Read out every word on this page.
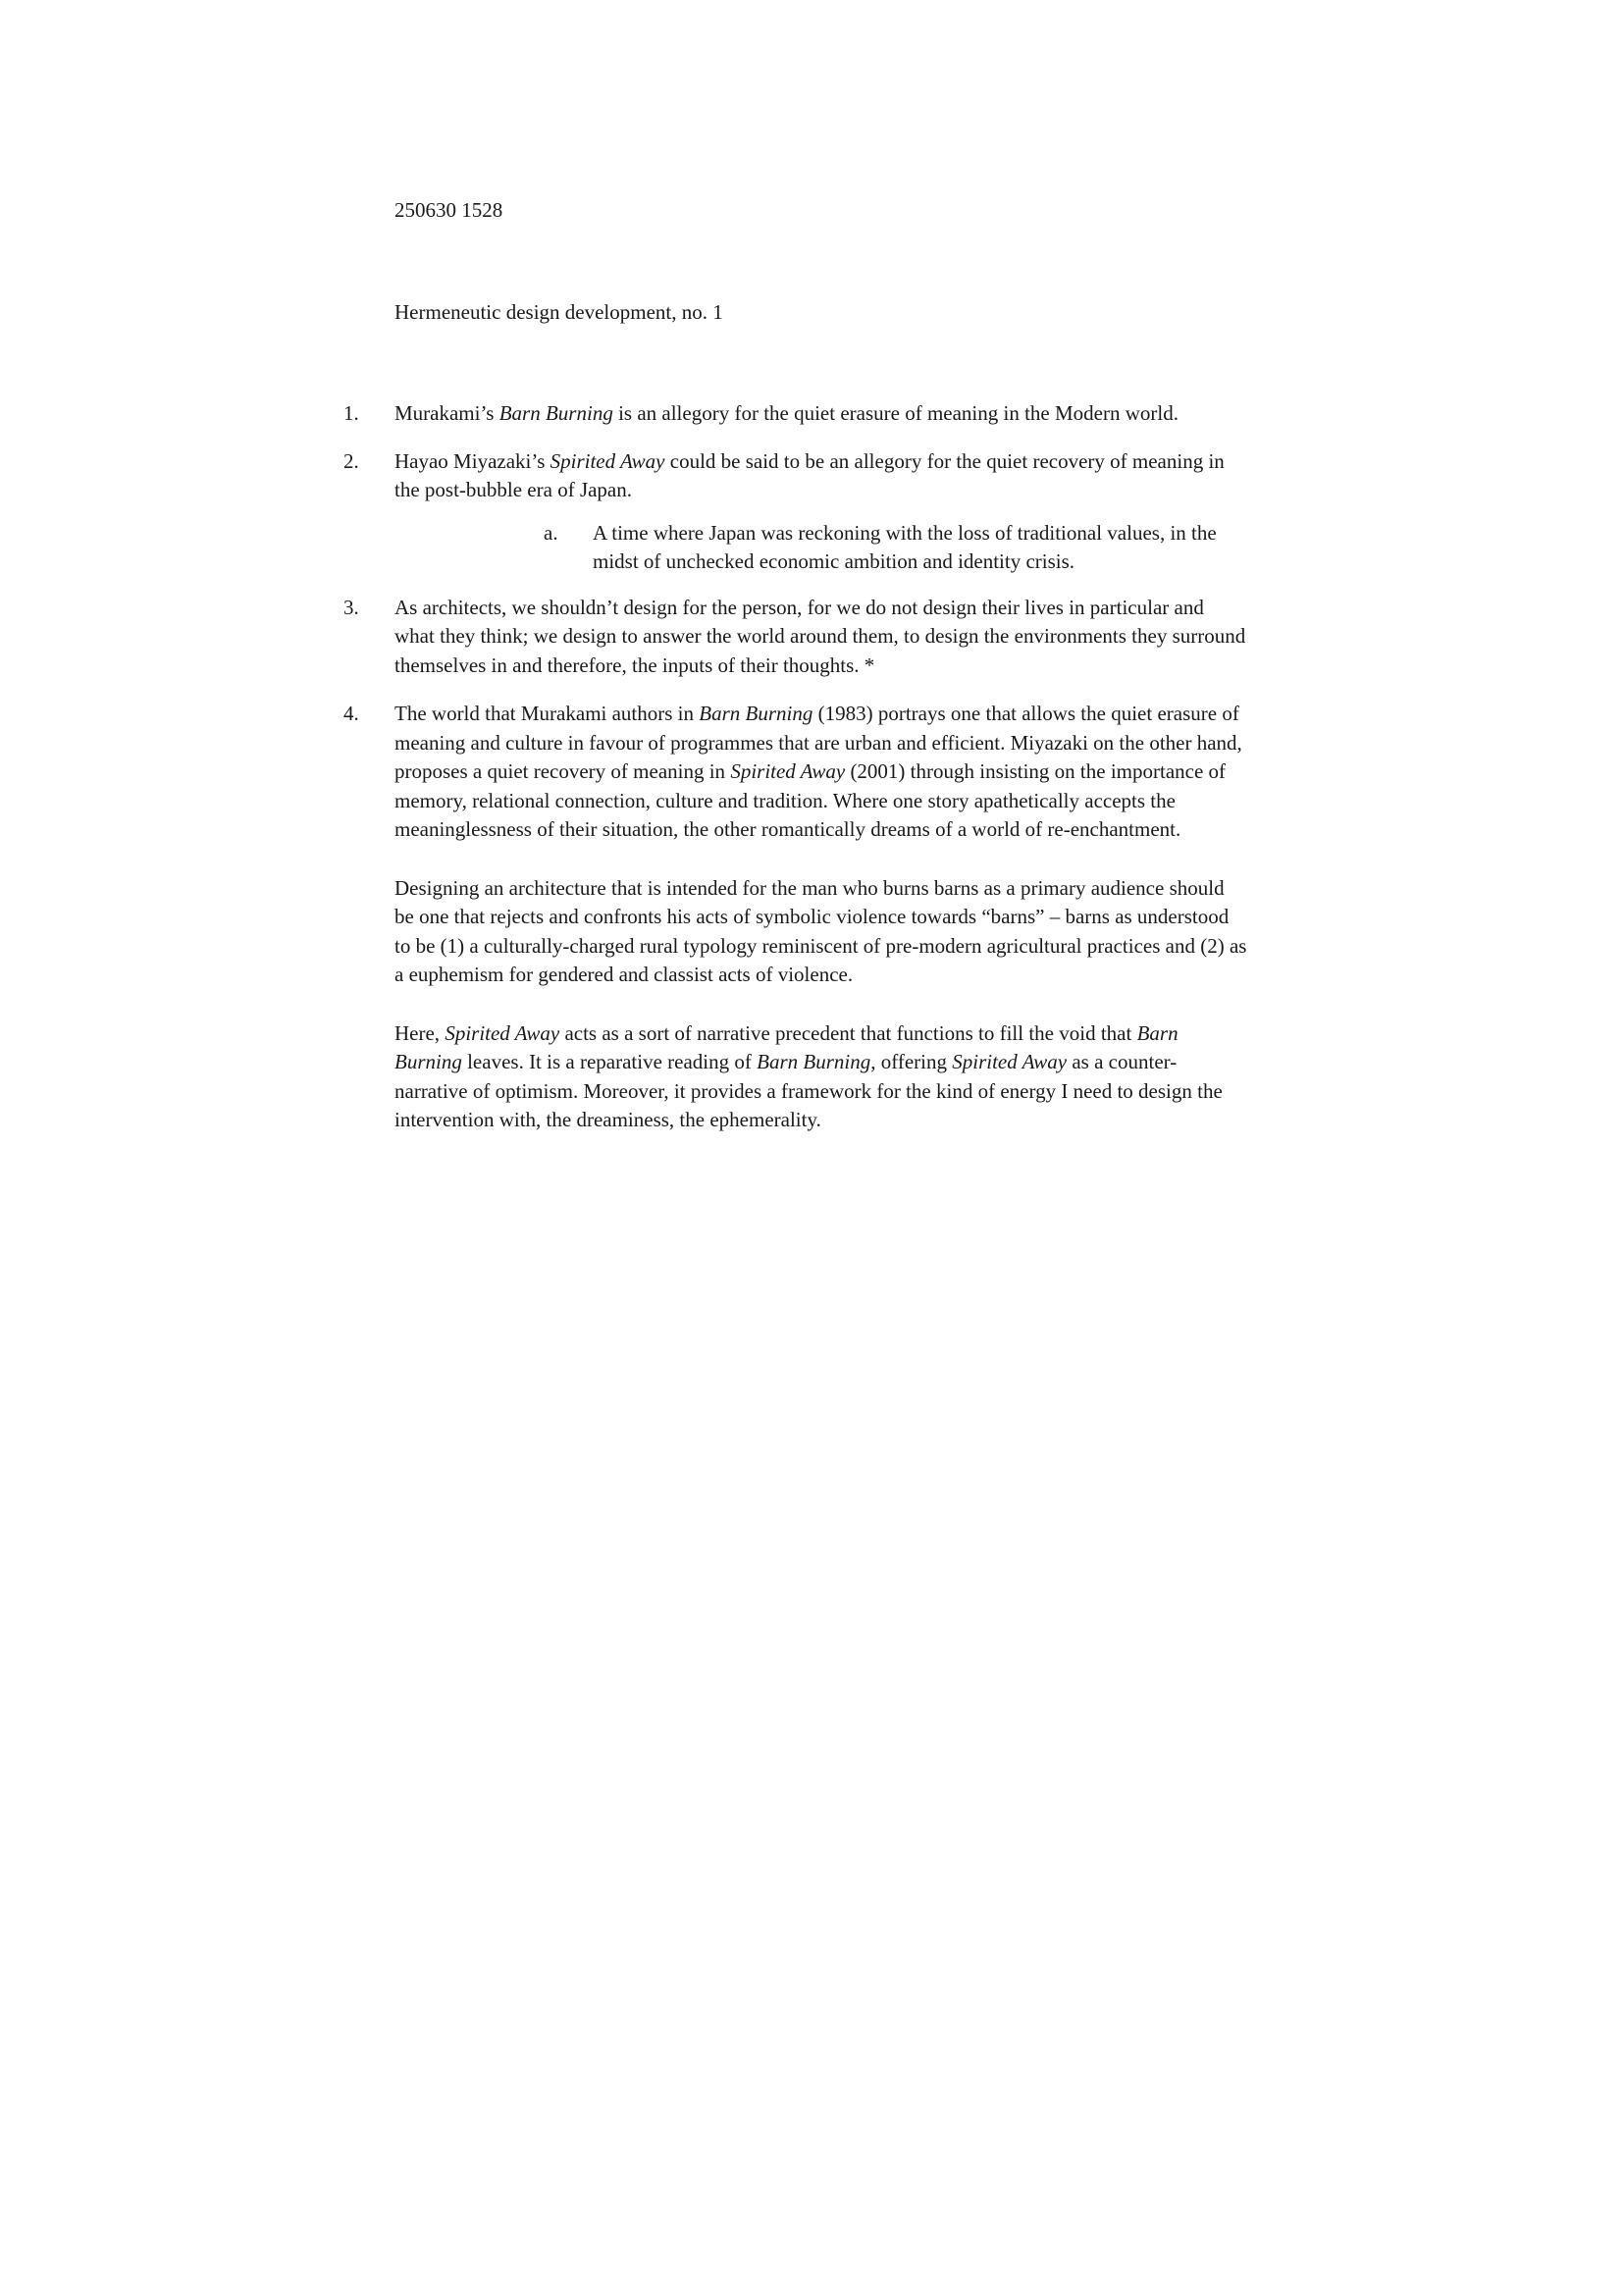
250630 1528

Hermeneutic design development, no. 1
1. Murakami’s Barn Burning is an allegory for the quiet erasure of meaning in the Modern world.

2. Hayao Miyazaki’s Spirited Away could be said to be an allegory for the quiet recovery of meaning in the post-bubble era of Japan.

a. A time where Japan was reckoning with the loss of traditional values, in the midst of unchecked economic ambition and identity crisis.

3. As architects, we shouldn’t design for the person, for we do not design their lives in particular and what they think; we design to answer the world around them, to design the environments they surround themselves in and therefore, the inputs of their thoughts. *

4. The world that Murakami authors in Barn Burning (1983) portrays one that allows the quiet erasure of meaning and culture in favour of programmes that are urban and efficient. Miyazaki on the other hand, proposes a quiet recovery of meaning in Spirited Away (2001) through insisting on the importance of memory, relational connection, culture and tradition. Where one story apathetically accepts the meaninglessness of their situation, the other romantically dreams of a world of re-enchantment.

Designing an architecture that is intended for the man who burns barns as a primary audience should be one that rejects and confronts his acts of symbolic violence towards “barns” – barns as understood to be (1) a culturally-charged rural typology reminiscent of pre-modern agricultural practices and (2) as a euphemism for gendered and classist acts of violence.

Here, Spirited Away acts as a sort of narrative precedent that functions to fill the void that Barn Burning leaves. It is a reparative reading of Barn Burning, offering Spirited Away as a counter-narrative of optimism. Moreover, it provides a framework for the kind of energy I need to design the intervention with, the dreaminess, the ephemerality.
